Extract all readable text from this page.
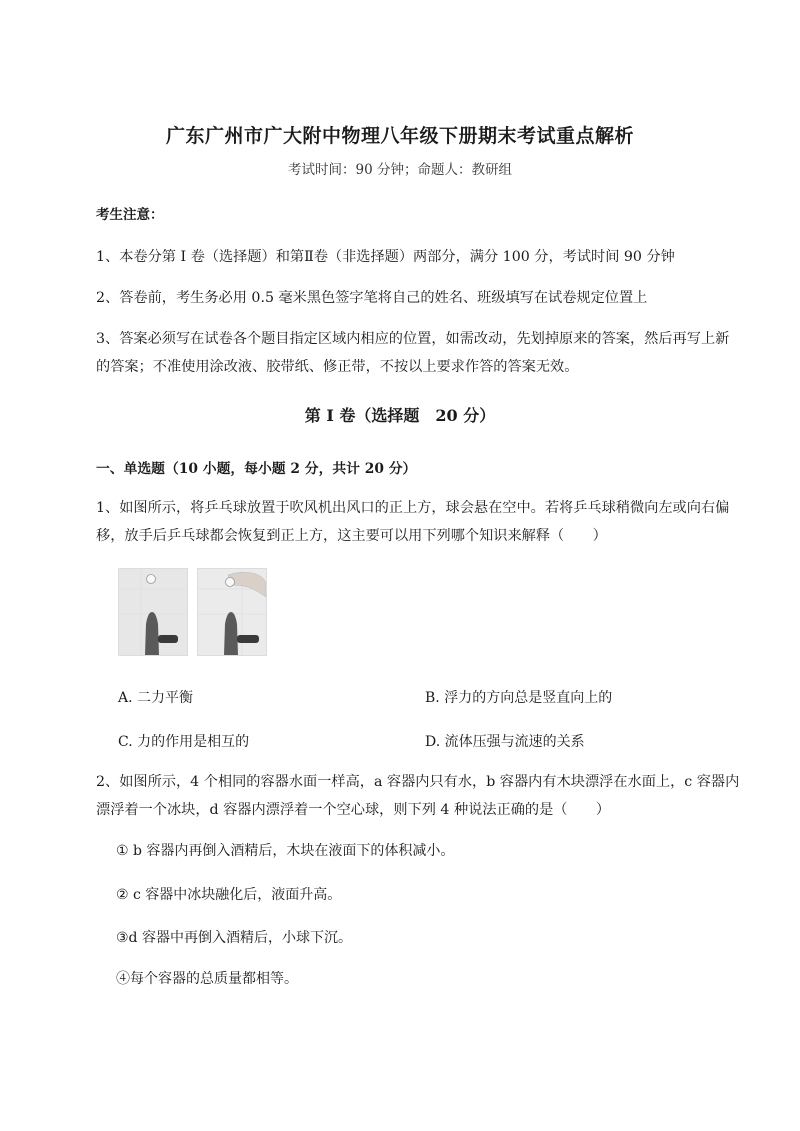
广东广州市广大附中物理八年级下册期末考试重点解析
考试时间：90 分钟；命题人：教研组
考生注意：
1、本卷分第 I 卷（选择题）和第Ⅱ卷（非选择题）两部分，满分 100 分，考试时间 90 分钟
2、答卷前，考生务必用 0.5 毫米黑色签字笔将自己的姓名、班级填写在试卷规定位置上
3、答案必须写在试卷各个题目指定区域内相应的位置，如需改动，先划掉原来的答案，然后再写上新
的答案；不准使用涂改液、胶带纸、修正带，不按以上要求作答的答案无效。
第 I 卷（选择题　20 分）
一、单选题（10 小题，每小题 2 分，共计 20 分）
1、如图所示，将乒乓球放置于吹风机出风口的正上方，球会悬在空中。若将乒乓球稍微向左或向右偏
移，放手后乒乓球都会恢复到正上方，这主要可以用下列哪个知识来解释（　　）
A. 二力平衡	B. 浮力的方向总是竖直向上的
C. 力的作用是相互的	D. 流体压强与流速的关系
2、如图所示，4 个相同的容器水面一样高，a 容器内只有水，b 容器内有木块漂浮在水面上，c 容器内
漂浮着一个冰块，d 容器内漂浮着一个空心球，则下列 4 种说法正确的是（　　）
① b 容器内再倒入酒精后，木块在液面下的体积减小。
② c 容器中冰块融化后，液面升高。
③d 容器中再倒入酒精后，小球下沉。
④每个容器的总质量都相等。
